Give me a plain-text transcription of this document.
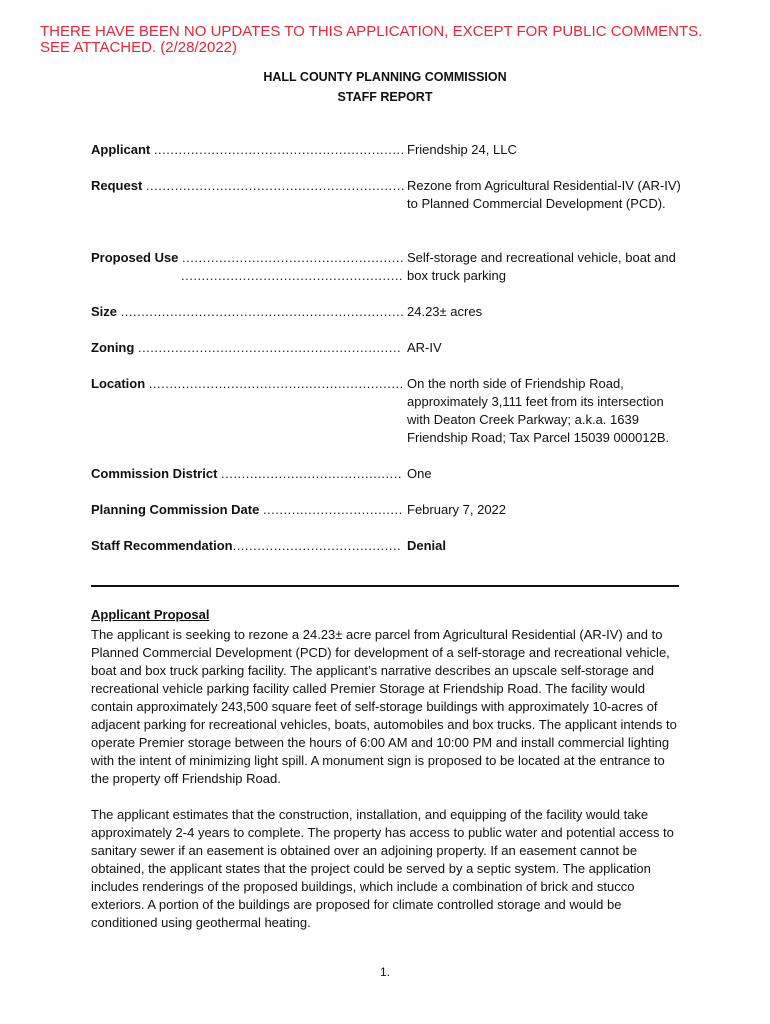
THERE HAVE BEEN NO UPDATES TO THIS APPLICATION, EXCEPT FOR PUBLIC COMMENTS.
SEE ATTACHED. (2/28/2022)
HALL COUNTY PLANNING COMMISSION
STAFF REPORT
Applicant ............................................................. Friendship 24, LLC
Request ............................................................... Rezone from Agricultural Residential-IV (AR-IV) to Planned Commercial Development (PCD).
Proposed Use ......................................................
......................................................
Self-storage and recreational vehicle, boat and box truck parking
Size ..................................................................... 24.23± acres
Zoning ................................................................ AR-IV
Location .............................................................. On the north side of Friendship Road, approximately 3,111 feet from its intersection with Deaton Creek Parkway; a.k.a. 1639 Friendship Road; Tax Parcel 15039 000012B.
Commission District ............................................ One
Planning Commission Date .................................. February 7, 2022
Staff Recommendation......................................... Denial
Applicant Proposal
The applicant is seeking to rezone a 24.23± acre parcel from Agricultural Residential (AR-IV) and to Planned Commercial Development (PCD) for development of a self-storage and recreational vehicle, boat and box truck parking facility. The applicant’s narrative describes an upscale self-storage and recreational vehicle parking facility called Premier Storage at Friendship Road. The facility would contain approximately 243,500 square feet of self-storage buildings with approximately 10-acres of adjacent parking for recreational vehicles, boats, automobiles and box trucks. The applicant intends to operate Premier storage between the hours of 6:00 AM and 10:00 PM and install commercial lighting with the intent of minimizing light spill. A monument sign is proposed to be located at the entrance to the property off Friendship Road.
The applicant estimates that the construction, installation, and equipping of the facility would take approximately 2-4 years to complete. The property has access to public water and potential access to sanitary sewer if an easement is obtained over an adjoining property. If an easement cannot be obtained, the applicant states that the project could be served by a septic system. The application includes renderings of the proposed buildings, which include a combination of brick and stucco exteriors. A portion of the buildings are proposed for climate controlled storage and would be conditioned using geothermal heating.
1.
